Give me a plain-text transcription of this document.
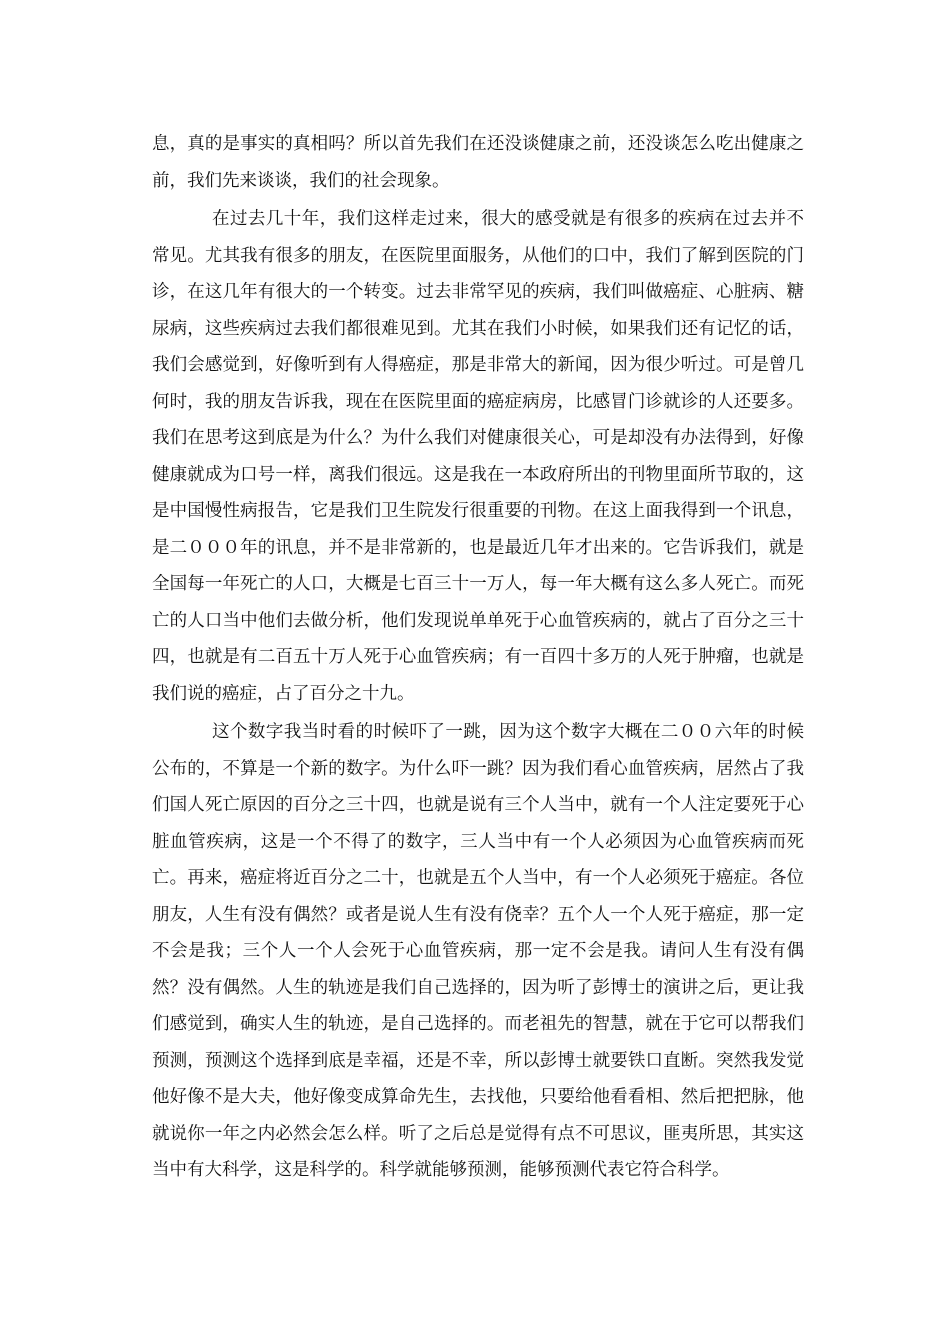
息，真的是事实的真相吗？所以首先我们在还没谈健康之前，还没谈怎么吃出健康之前，我们先来谈谈，我们的社会现象。

在过去几十年，我们这样走过来，很大的感受就是有很多的疾病在过去并不常见。尤其我有很多的朋友，在医院里面服务，从他们的口中，我们了解到医院的门诊，在这几年有很大的一个转变。过去非常罕见的疾病，我们叫做癌症、心脏病、糖尿病，这些疾病过去我们都很难见到。尤其在我们小时候，如果我们还有记忆的话，我们会感觉到，好像听到有人得癌症，那是非常大的新闻，因为很少听过。可是曾几何时，我的朋友告诉我，现在在医院里面的癌症病房，比感冒门诊就诊的人还要多。我们在思考这到底是为什么？为什么我们对健康很关心，可是却没有办法得到，好像健康就成为口号一样，离我们很远。这是我在一本政府所出的刊物里面所节取的，这是中国慢性病报告，它是我们卫生院发行很重要的刊物。在这上面我得到一个讯息，是二０００年的讯息，并不是非常新的，也是最近几年才出来的。它告诉我们，就是全国每一年死亡的人口，大概是七百三十一万人，每一年大概有这么多人死亡。而死亡的人口当中他们去做分析，他们发现说单单死于心血管疾病的，就占了百分之三十四，也就是有二百五十万人死于心血管疾病；有一百四十多万的人死于肿瘤，也就是我们说的癌症，占了百分之十九。

这个数字我当时看的时候吓了一跳，因为这个数字大概在二００六年的时候公布的，不算是一个新的数字。为什么吓一跳？因为我们看心血管疾病，居然占了我们国人死亡原因的百分之三十四，也就是说有三个人当中，就有一个人注定要死于心脏血管疾病，这是一个不得了的数字，三人当中有一个人必须因为心血管疾病而死亡。再来，癌症将近百分之二十，也就是五个人当中，有一个人必须死于癌症。各位朋友，人生有没有偶然？或者是说人生有没有侥幸？五个人一个人死于癌症，那一定不会是我；三个人一个人会死于心血管疾病，那一定不会是我。请问人生有没有偶然？没有偶然。人生的轨迹是我们自己选择的，因为听了彭博士的演讲之后，更让我们感觉到，确实人生的轨迹，是自己选择的。而老祖先的智慧，就在于它可以帮我们预测，预测这个选择到底是幸福，还是不幸，所以彭博士就要铁口直断。突然我发觉他好像不是大夫，他好像变成算命先生，去找他，只要给他看看相、然后把把脉，他就说你一年之内必然会怎么样。听了之后总是觉得有点不可思议，匪夷所思，其实这当中有大科学，这是科学的。科学就能够预测，能够预测代表它符合科学。
